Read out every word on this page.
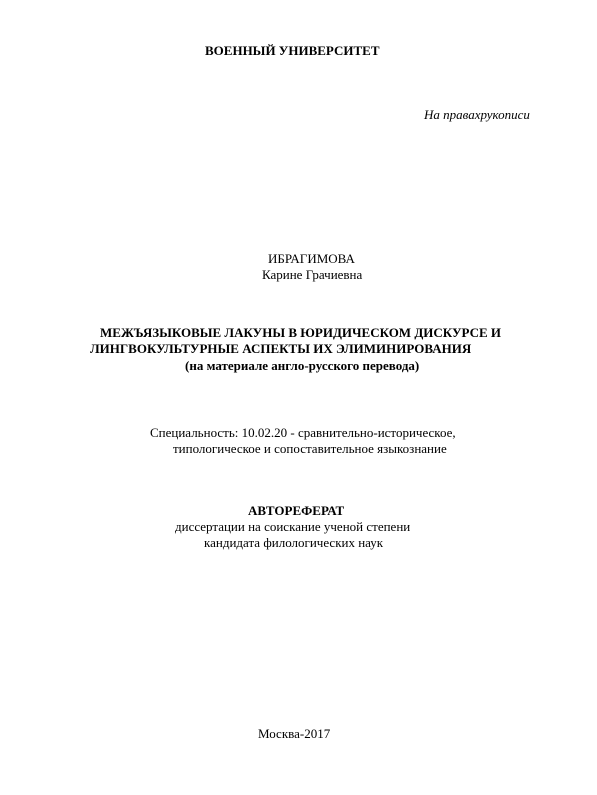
ВОЕННЫЙ УНИВЕРСИТЕТ
На правахрукописи
ИБРАГИМОВА
Карине Грачиевна
МЕЖЪЯЗЫКОВЫЕ ЛАКУНЫ В ЮРИДИЧЕСКОМ ДИСКУРСЕ И
ЛИНГВОКУЛЬТУРНЫЕ АСПЕКТЫ ИХ ЭЛИМИНИРОВАНИЯ
(на материале англо-русского перевода)
Специальность: 10.02.20 - сравнительно-историческое,
типологическое и сопоставительное языкознание
АВТОРЕФЕРАТ
диссертации на соискание ученой степени
кандидата филологических наук
Москва-2017
